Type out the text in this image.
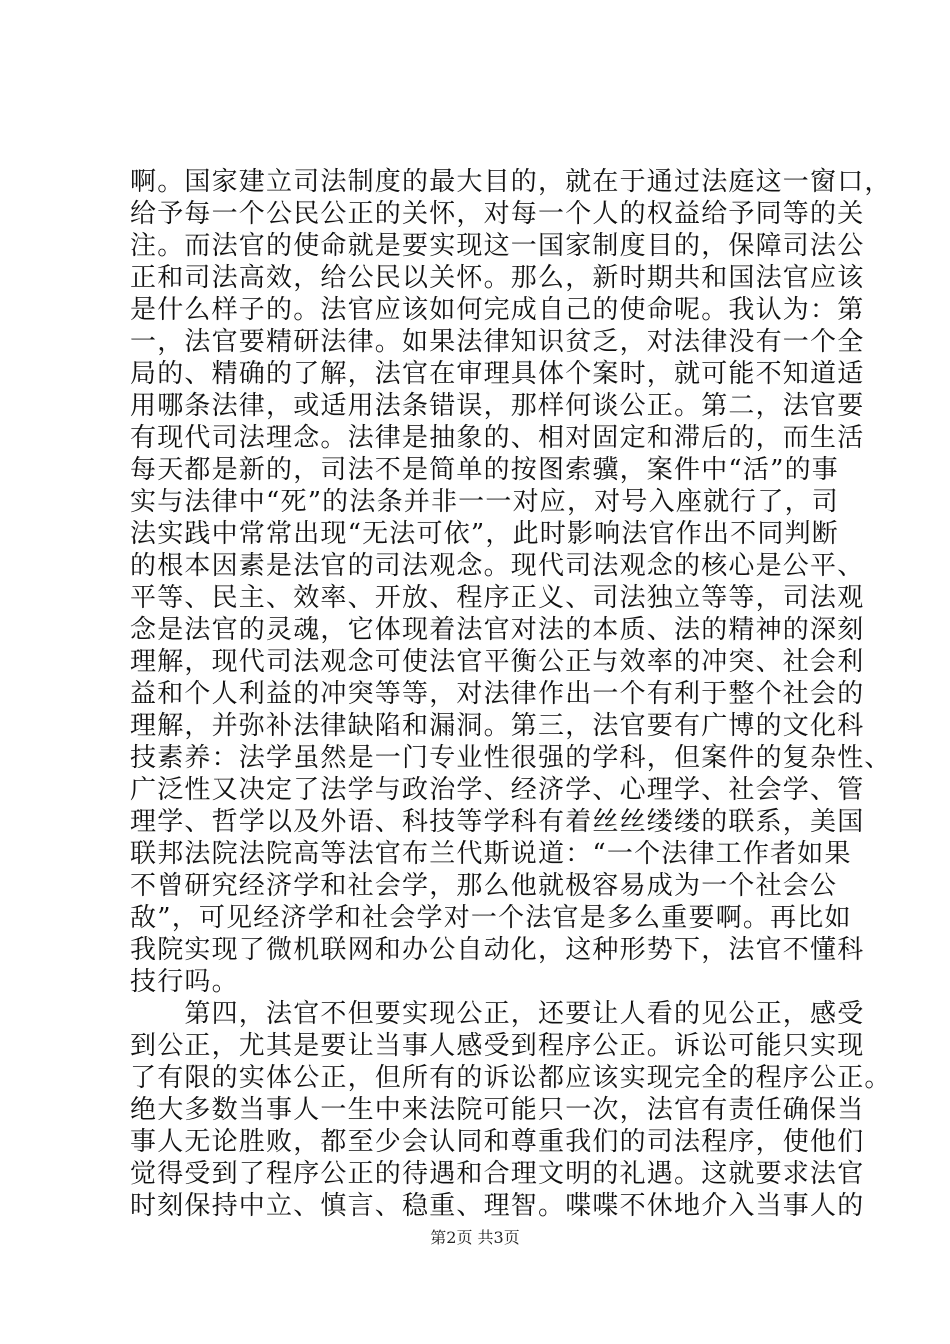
啊。国家建立司法制度的最大目的，就在于通过法庭这一窗口，
给予每一个公民公正的关怀，对每一个人的权益给予同等的关
注。而法官的使命就是要实现这一国家制度目的，保障司法公
正和司法高效，给公民以关怀。那么，新时期共和国法官应该
是什么样子的。法官应该如何完成自己的使命呢。我认为：第
一，法官要精研法律。如果法律知识贫乏，对法律没有一个全
局的、精确的了解，法官在审理具体个案时，就可能不知道适
用哪条法律，或适用法条错误，那样何谈公正。第二，法官要
有现代司法理念。法律是抽象的、相对固定和滞后的，而生活
每天都是新的，司法不是简单的按图索骥，案件中“活”的事
实与法律中“死”的法条并非一一对应，对号入座就行了，司
法实践中常常出现“无法可依”，此时影响法官作出不同判断
的根本因素是法官的司法观念。现代司法观念的核心是公平、
平等、民主、效率、开放、程序正义、司法独立等等，司法观
念是法官的灵魂，它体现着法官对法的本质、法的精神的深刻
理解，现代司法观念可使法官平衡公正与效率的冲突、社会利
益和个人利益的冲突等等，对法律作出一个有利于整个社会的
理解，并弥补法律缺陷和漏洞。第三，法官要有广博的文化科
技素养：法学虽然是一门专业性很强的学科，但案件的复杂性、
广泛性又决定了法学与政治学、经济学、心理学、社会学、管
理学、哲学以及外语、科技等学科有着丝丝缕缕的联系，美国
联邦法院法院高等法官布兰代斯说道：“一个法律工作者如果
不曾研究经济学和社会学，那么他就极容易成为一个社会公
敌”，可见经济学和社会学对一个法官是多么重要啊。再比如
我院实现了微机联网和办公自动化，这种形势下，法官不懂科
技行吗。
　　第四，法官不但要实现公正，还要让人看的见公正，感受
到公正，尤其是要让当事人感受到程序公正。诉讼可能只实现
了有限的实体公正，但所有的诉讼都应该实现完全的程序公正。
绝大多数当事人一生中来法院可能只一次，法官有责任确保当
事人无论胜败，都至少会认同和尊重我们的司法程序，使他们
觉得受到了程序公正的待遇和合理文明的礼遇。这就要求法官
时刻保持中立、慎言、稳重、理智。喋喋不休地介入当事人的
第2页 共3页
